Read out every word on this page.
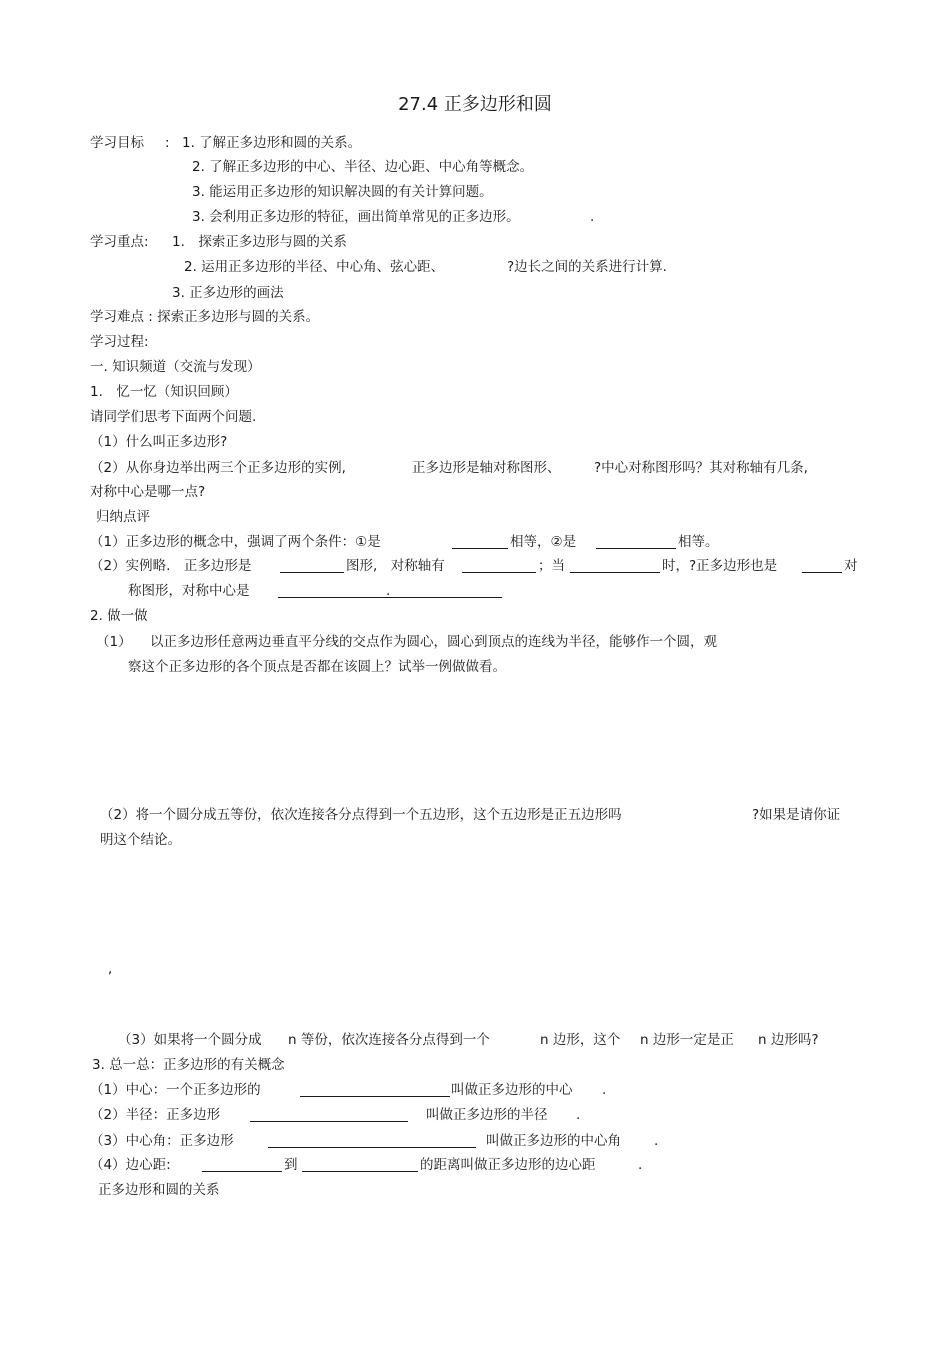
27.4 正多边形和圆
学习目标 : 1. 了解正多边形和圆的关系。
2. 了解正多边形的中心、半径、边心距、中心角等概念。
3. 能运用正多边形的知识解决圆的有关计算问题。
3. 会利用正多边形的特征，画出简单常见的正多边形。	.
学习重点: 1.　探索正多边形与圆的关系
2. 运用正多边形的半径、中心角、弦心距、	?边长之间的关系进行计算.
3. 正多边形的画法
学习难点 : 探索正多边形与圆的关系。
学习过程:
一. 知识频道（交流与发现）
1.　忆一忆（知识回顾）
请同学们思考下面两个问题.
（1）什么叫正多边形?
（2）从你身边举出两三个正多边形的实例,	正多边形是轴对称图形、 ?中心对称图形吗？其对称轴有几条,
对称中心是哪一点?
归纳点评
（1）正多边形的概念中，强调了两个条件：①是	相等，②是	相等。
（2）实例略.　正多边形是	图形,　对称轴有	；当	时，?正多边形也是	对
称图形，对称中心是	.
2. 做一做
（1） 以正多边形任意两边垂直平分线的交点作为圆心，圆心到顶点的连线为半径，能够作一个圆，观
察这个正多边形的各个顶点是否都在该圆上？试举一例做做看。
（2）将一个圆分成五等份，依次连接各分点得到一个五边形，这个五边形是正五边形吗	?如果是请你证
明这个结论。
,
（3）如果将一个圆分成 n 等份，依次连接各分点得到一个	n 边形，这个 n 边形一定是正 n 边形吗?
3. 总一总：正多边形的有关概念
（1）中心：一个正多边形的	叫做正多边形的中心 .
（2）半径：正多边形	叫做正多边形的半径 .
（3）中心角：正多边形	叫做正多边形的中心角 .
（4）边心距:	到	的距离叫做正多边形的边心距	.
正多边形和圆的关系
